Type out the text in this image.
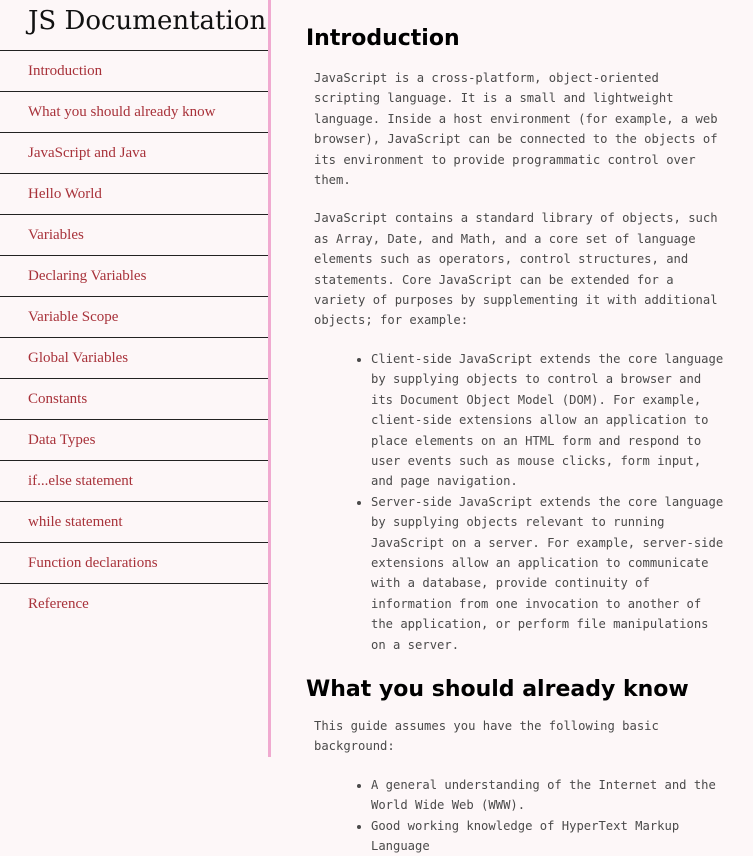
JS Documentation
Introduction
What you should already know
JavaScript and Java
Hello World
Variables
Declaring Variables
Variable Scope
Global Variables
Constants
Data Types
if...else statement
while statement
Function declarations
Reference
Introduction

JavaScript is a cross-platform, object-oriented scripting language. It is a small and lightweight language. Inside a host environment (for example, a web browser), JavaScript can be connected to the objects of its environment to provide programmatic control over them.

JavaScript contains a standard library of objects, such as Array, Date, and Math, and a core set of language elements such as operators, control structures, and statements. Core JavaScript can be extended for a variety of purposes by supplementing it with additional objects; for example:

• Client-side JavaScript extends the core language by supplying objects to control a browser and its Document Object Model (DOM). For example, client-side extensions allow an application to place elements on an HTML form and respond to user events such as mouse clicks, form input, and page navigation.
• Server-side JavaScript extends the core language by supplying objects relevant to running JavaScript on a server. For example, server-side extensions allow an application to communicate with a database, provide continuity of information from one invocation to another of the application, or perform file manipulations on a server.
What you should already know

This guide assumes you have the following basic background:

• A general understanding of the Internet and the World Wide Web (WWW).
• Good working knowledge of HyperText Markup Language
